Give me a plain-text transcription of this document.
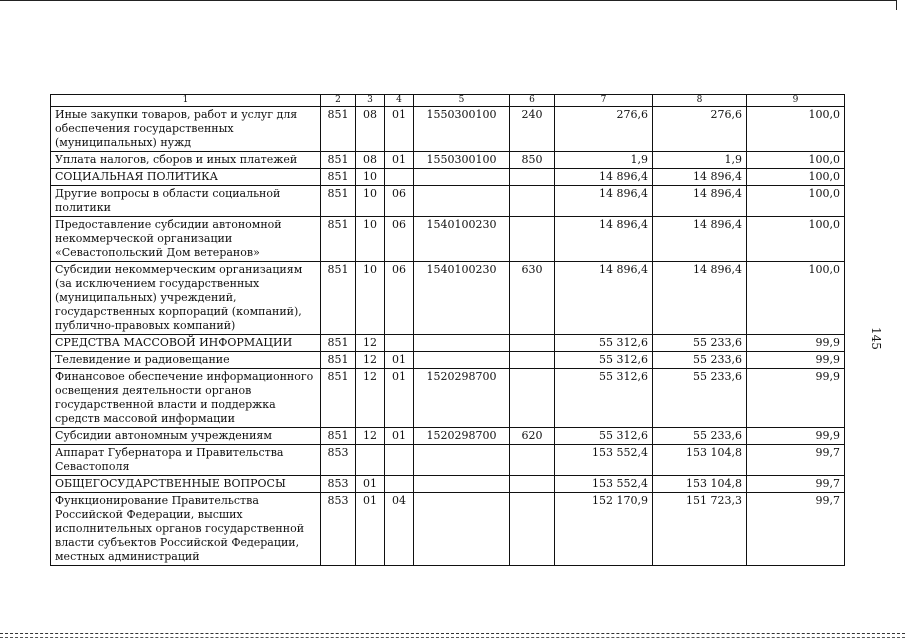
1	2	3	4	5	6	7	8	9
Иные закупки товаров, работ и услуг для обеспечения государственных (муниципальных) нужд	851	08	01	1550300100	240	276,6	276,6	100,0
Уплата налогов, сборов и иных платежей	851	08	01	1550300100	850	1,9	1,9	100,0
СОЦИАЛЬНАЯ ПОЛИТИКА	851	10				14 896,4	14 896,4	100,0
Другие вопросы в области социальной политики	851	10	06			14 896,4	14 896,4	100,0
Предоставление субсидии автономной некоммерческой организации «Севастопольский Дом ветеранов»	851	10	06	1540100230		14 896,4	14 896,4	100,0
Субсидии некоммерческим организациям (за исключением государственных (муниципальных) учреждений, государственных корпораций (компаний), публично-правовых компаний)	851	10	06	1540100230	630	14 896,4	14 896,4	100,0
СРЕДСТВА МАССОВОЙ ИНФОРМАЦИИ	851	12				55 312,6	55 233,6	99,9
Телевидение и радиовещание	851	12	01			55 312,6	55 233,6	99,9
Финансовое обеспечение информационного освещения деятельности органов государственной власти и поддержка средств массовой информации	851	12	01	1520298700		55 312,6	55 233,6	99,9
Субсидии автономным учреждениям	851	12	01	1520298700	620	55 312,6	55 233,6	99,9
Аппарат Губернатора и Правительства Севастополя	853					153 552,4	153 104,8	99,7
ОБЩЕГОСУДАРСТВЕННЫЕ ВОПРОСЫ	853	01				153 552,4	153 104,8	99,7
Функционирование Правительства Российской Федерации, высших исполнительных органов государственной власти субъектов Российской Федерации, местных администраций	853	01	04			152 170,9	151 723,3	99,7
145
